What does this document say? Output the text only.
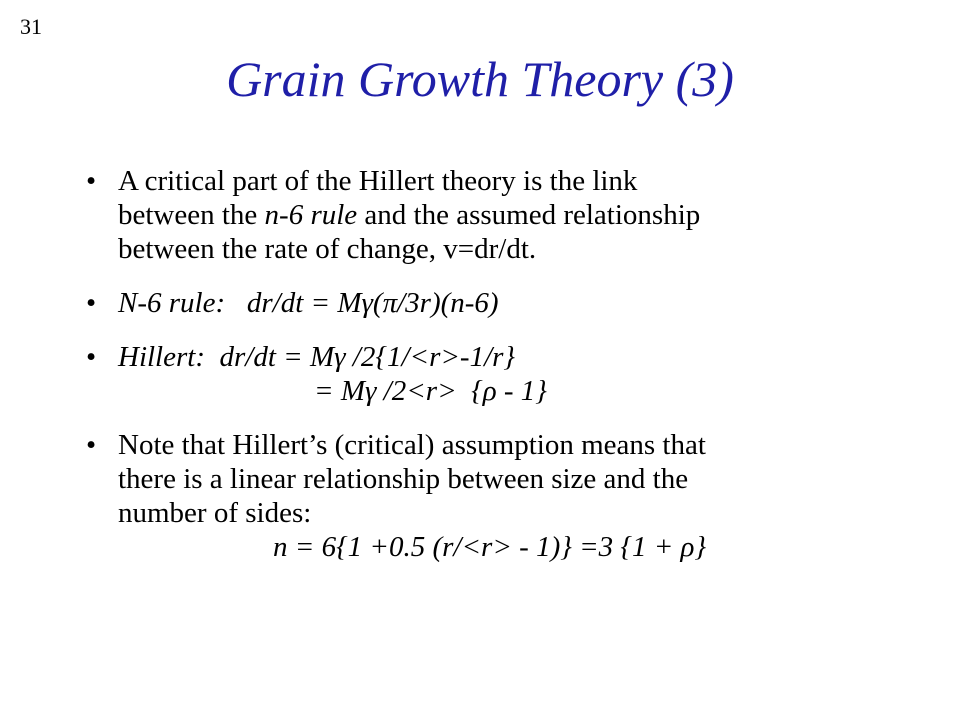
31
Grain Growth Theory (3)
• A critical part of the Hillert theory is the link
between the n-6 rule and the assumed relationship
between the rate of change, v=dr/dt.
• N-6 rule:   dr/dt = Mγ(π/3r)(n-6)
• Hillert:  dr/dt = Mγ /2{1/<r>-1/r}
= Mγ /2<r>  {ρ - 1}
• Note that Hillert’s (critical) assumption means that
there is a linear relationship between size and the
number of sides:
n = 6{1 +0.5 (r/<r> - 1)} =3 {1 + ρ}
